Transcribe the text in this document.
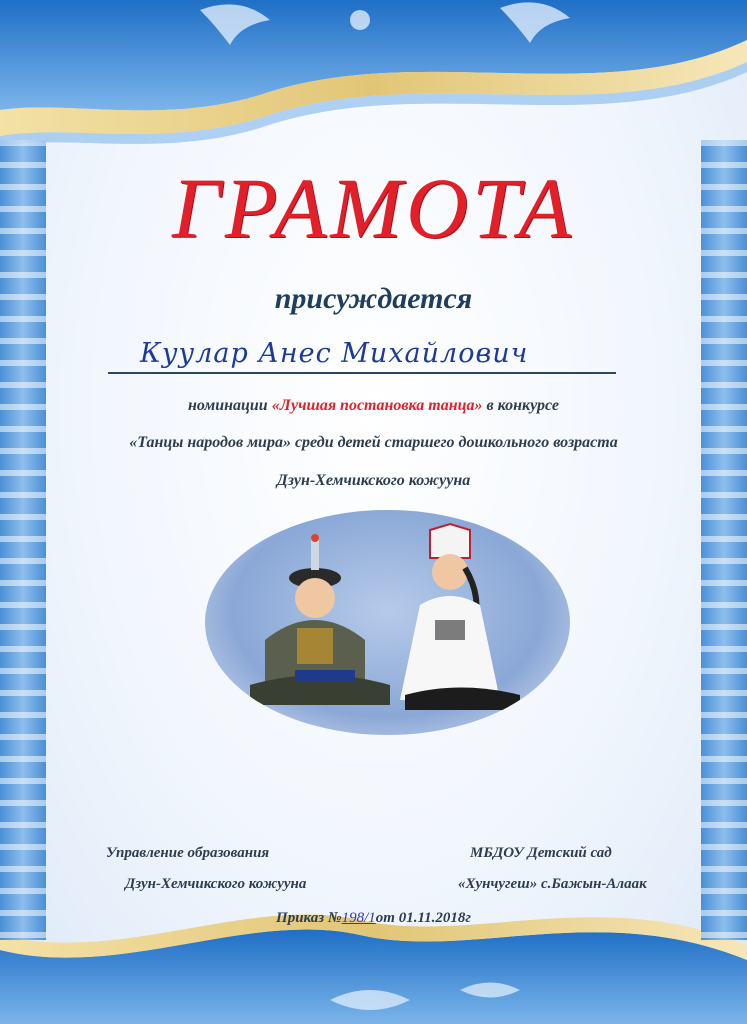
ГРАМОТА
присуждается
Куулар Анес Михайлович
номинации «Лучшая постановка танца» в конкурсе
«Танцы народов мира» среди детей старшего дошкольного возраста
Дзун-Хемчикского кожууна
Управление образования	МБДОУ Детский сад
Дзун-Хемчикского кожууна	«Хунчугеш» с.Бажын-Алаак
Приказ №198/1от 01.11.2018г
